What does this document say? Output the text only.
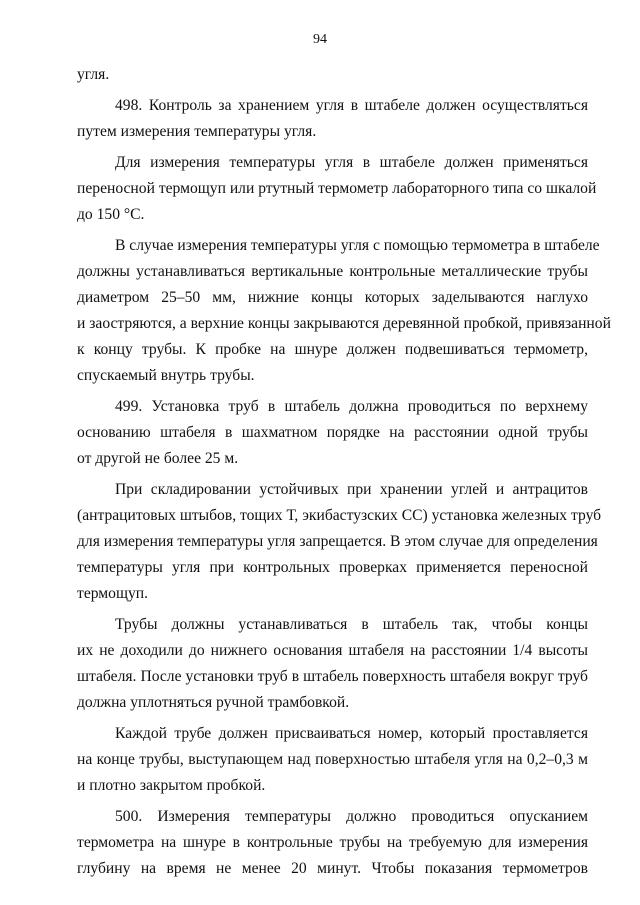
94
угля.
498. Контроль за хранением угля в штабеле должен осуществляться
путем измерения температуры угля.
Для измерения температуры угля в штабеле должен применяться
переносной термощуп или ртутный термометр лабораторного типа со шкалой
до 150 °С.
В случае измерения температуры угля с помощью термометра в штабеле
должны устанавливаться вертикальные контрольные металлические трубы
диаметром 25–50 мм, нижние концы которых заделываются наглухо
и заостряются, а верхние концы закрываются деревянной пробкой, привязанной
к концу трубы. К пробке на шнуре должен подвешиваться термометр,
спускаемый внутрь трубы.
499. Установка труб в штабель должна проводиться по верхнему
основанию штабеля в шахматном порядке на расстоянии одной трубы
от другой не более 25 м.
При складировании устойчивых при хранении углей и антрацитов
(антрацитовых штыбов, тощих Т, экибастузских СС) установка железных труб
для измерения температуры угля запрещается. В этом случае для определения
температуры угля при контрольных проверках применяется переносной
термощуп.
Трубы должны устанавливаться в штабель так, чтобы концы
их не доходили до нижнего основания штабеля на расстоянии 1/4 высоты
штабеля. После установки труб в штабель поверхность штабеля вокруг труб
должна уплотняться ручной трамбовкой.
Каждой трубе должен присваиваться номер, который проставляется
на конце трубы, выступающем над поверхностью штабеля угля на 0,2–0,3 м
и плотно закрытом пробкой.
500. Измерения температуры должно проводиться опусканием
термометра на шнуре в контрольные трубы на требуемую для измерения
глубину на время не менее 20 минут. Чтобы показания термометров
